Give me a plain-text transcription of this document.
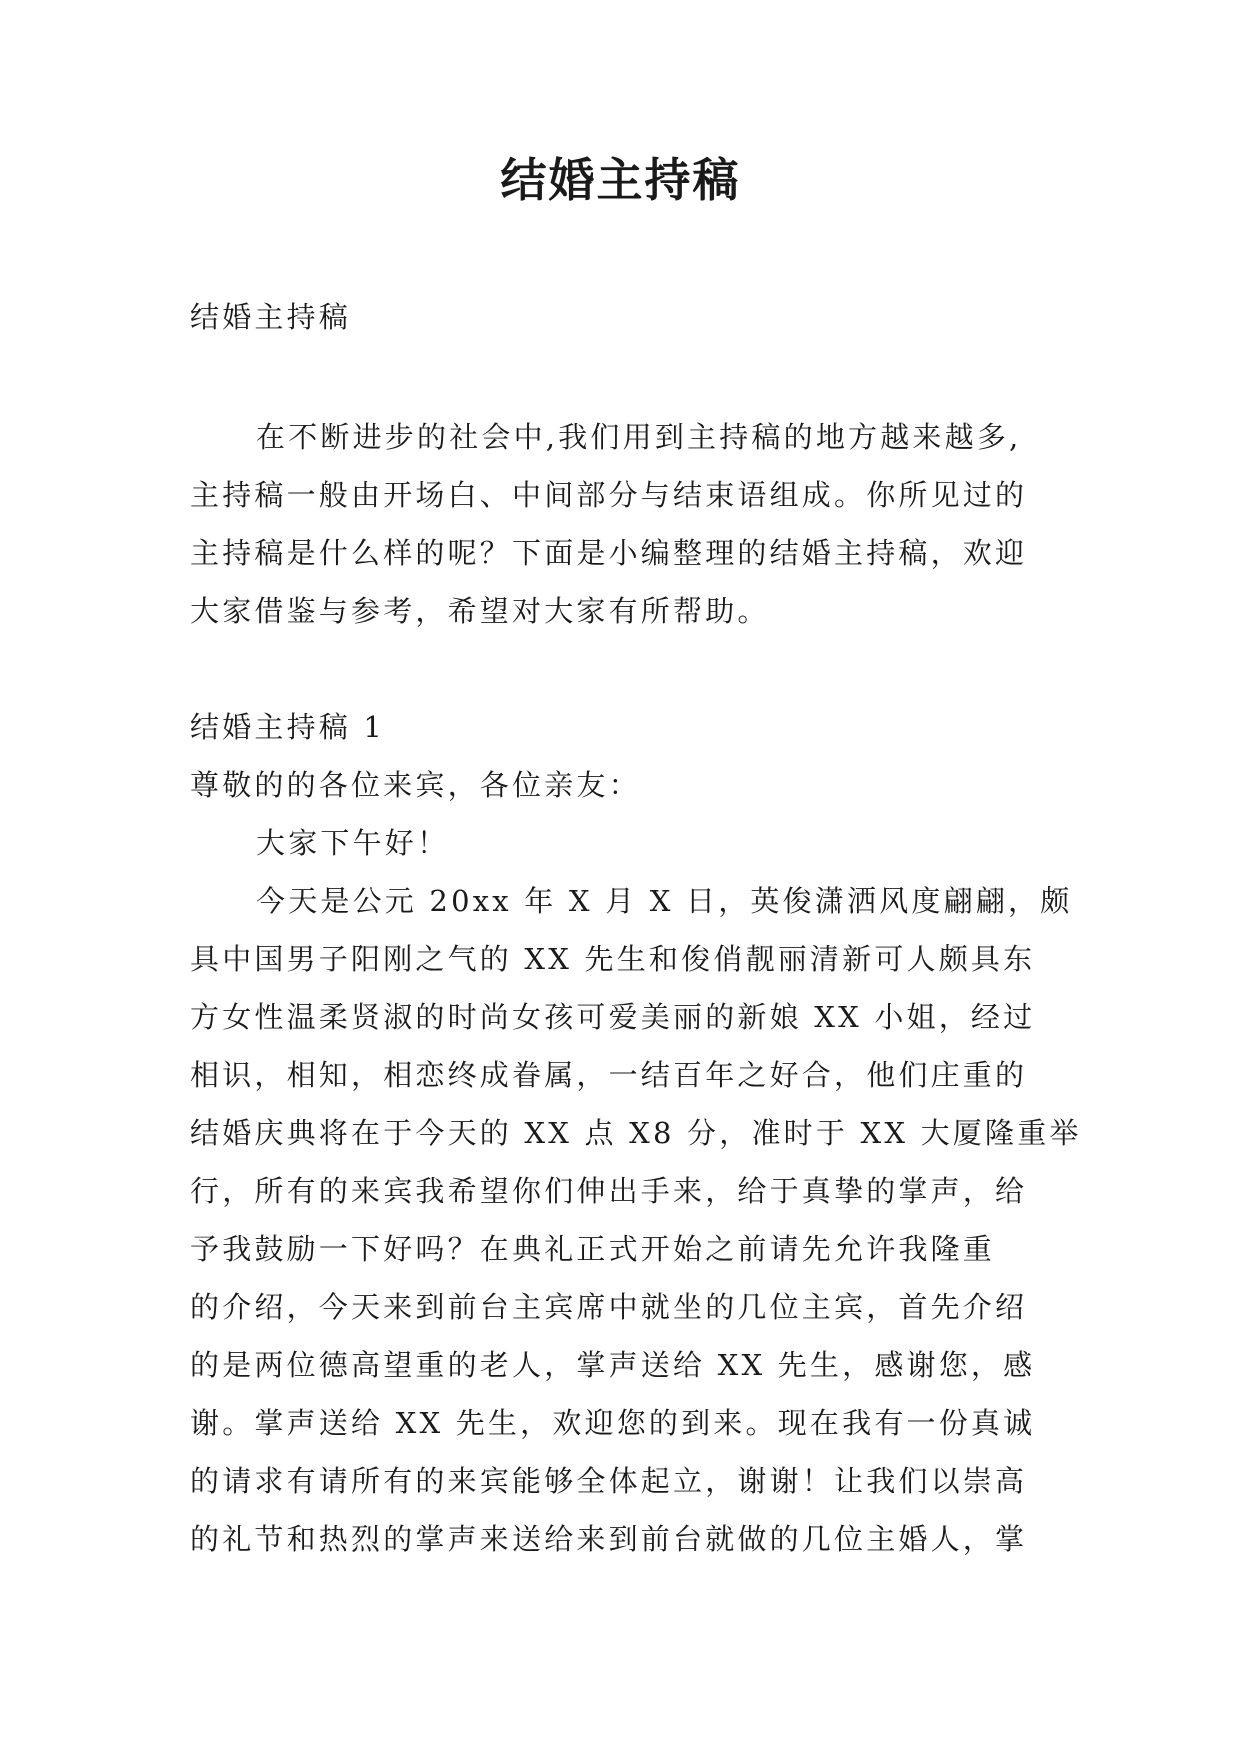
结婚主持稿
结婚主持稿
在不断进步的社会中,我们用到主持稿的地方越来越多,
主持稿一般由开场白、中间部分与结束语组成。你所见过的
主持稿是什么样的呢？下面是小编整理的结婚主持稿，欢迎
大家借鉴与参考，希望对大家有所帮助。
结婚主持稿 1
尊敬的的各位来宾，各位亲友：
大家下午好！
今天是公元 20xx 年 X 月 X 日，英俊潇洒风度翩翩，颇
具中国男子阳刚之气的 XX 先生和俊俏靓丽清新可人颇具东
方女性温柔贤淑的时尚女孩可爱美丽的新娘 XX 小姐，经过
相识，相知，相恋终成眷属，一结百年之好合，他们庄重的
结婚庆典将在于今天的 XX 点 X8 分，准时于 XX 大厦隆重举
行，所有的来宾我希望你们伸出手来，给于真挚的掌声，给
予我鼓励一下好吗？在典礼正式开始之前请先允许我隆重
的介绍，今天来到前台主宾席中就坐的几位主宾，首先介绍
的是两位德高望重的老人，掌声送给 XX 先生，感谢您，感
谢。掌声送给 XX 先生，欢迎您的到来。现在我有一份真诚
的请求有请所有的来宾能够全体起立，谢谢！让我们以崇高
的礼节和热烈的掌声来送给来到前台就做的几位主婚人，掌
